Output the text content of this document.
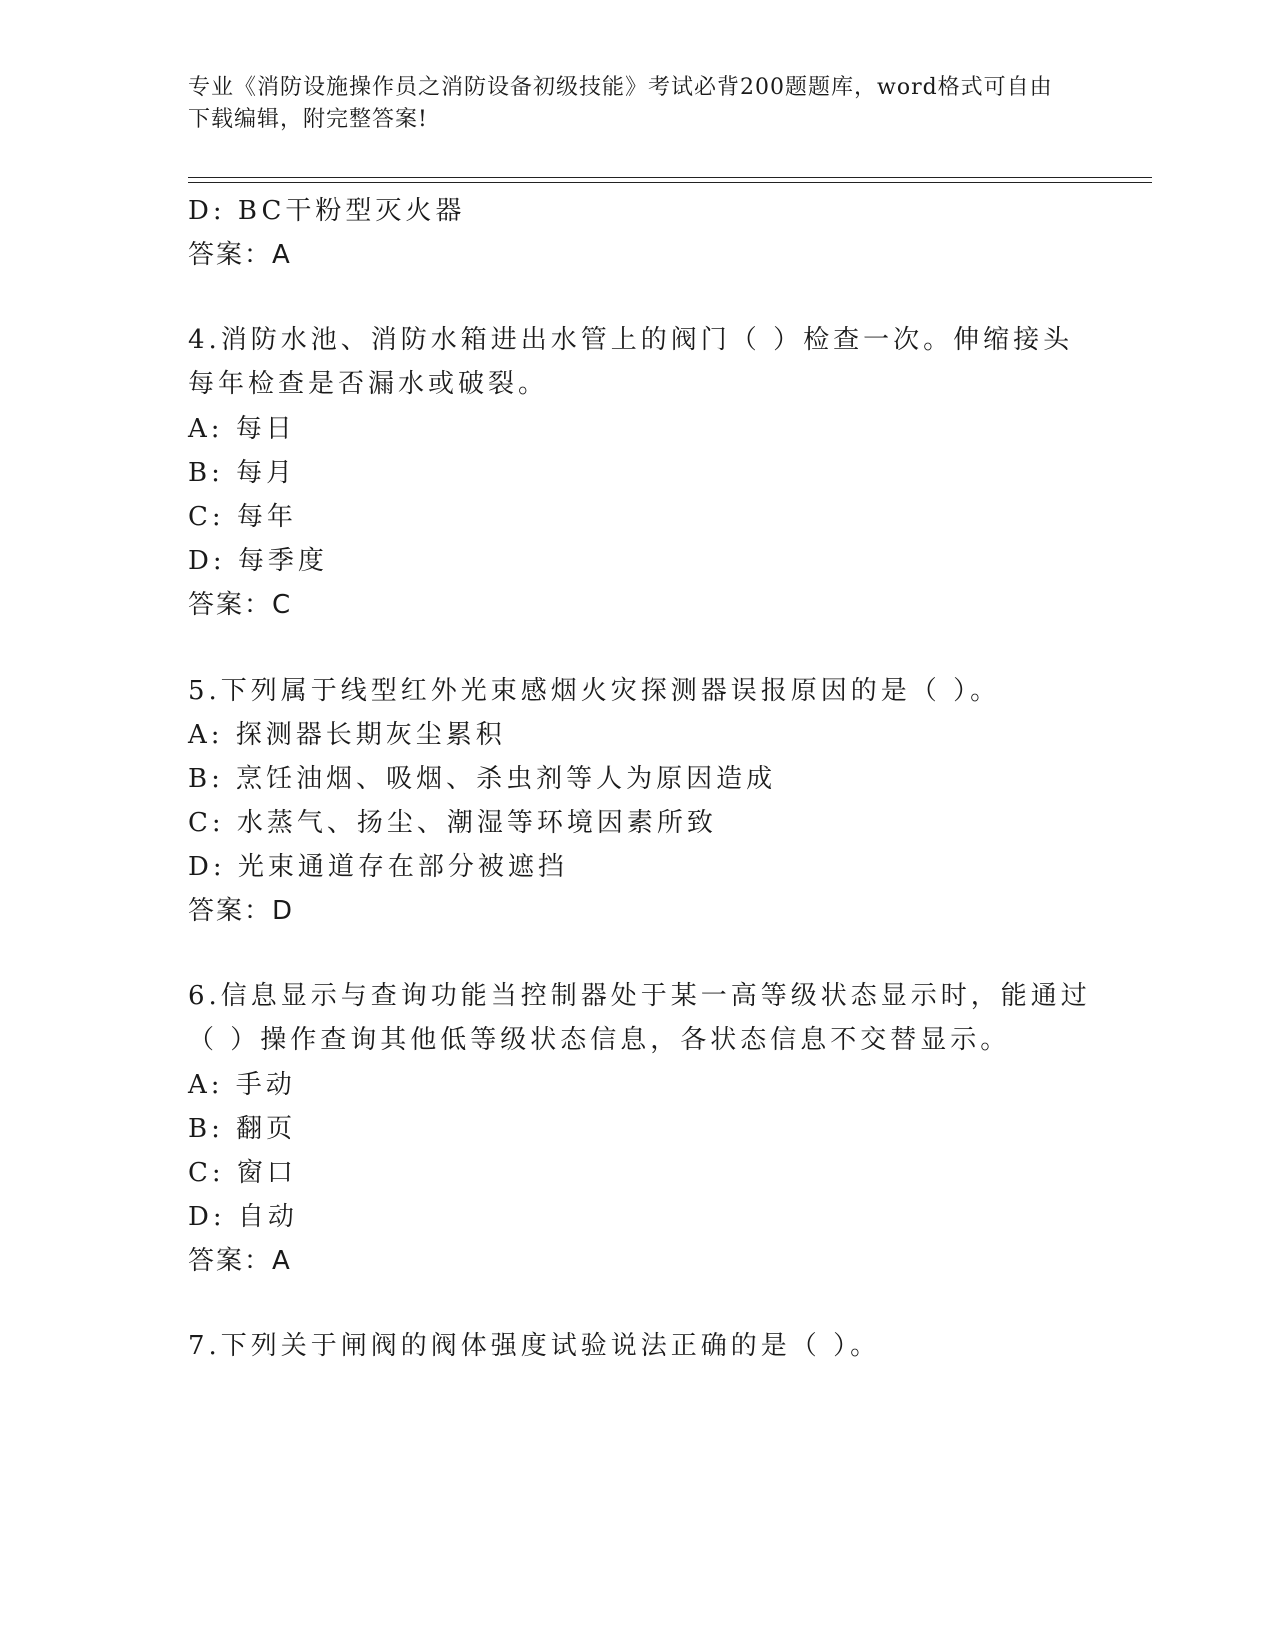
专业《消防设施操作员之消防设备初级技能》考试必背200题题库，word格式可自由下载编辑，附完整答案!
D: BC干粉型灭火器
答案：A
4.消防水池、消防水箱进出水管上的阀门（ ）检查一次。伸缩接头
每年检查是否漏水或破裂。
A: 每日
B: 每月
C: 每年
D: 每季度
答案：C
5.下列属于线型红外光束感烟火灾探测器误报原因的是（ ）。
A: 探测器长期灰尘累积
B: 烹饪油烟、吸烟、杀虫剂等人为原因造成
C: 水蒸气、扬尘、潮湿等环境因素所致
D: 光束通道存在部分被遮挡
答案：D
6.信息显示与查询功能当控制器处于某一高等级状态显示时，能通过
（ ）操作查询其他低等级状态信息，各状态信息不交替显示。
A: 手动
B: 翻页
C: 窗口
D: 自动
答案：A
7.下列关于闸阀的阀体强度试验说法正确的是（ ）。
